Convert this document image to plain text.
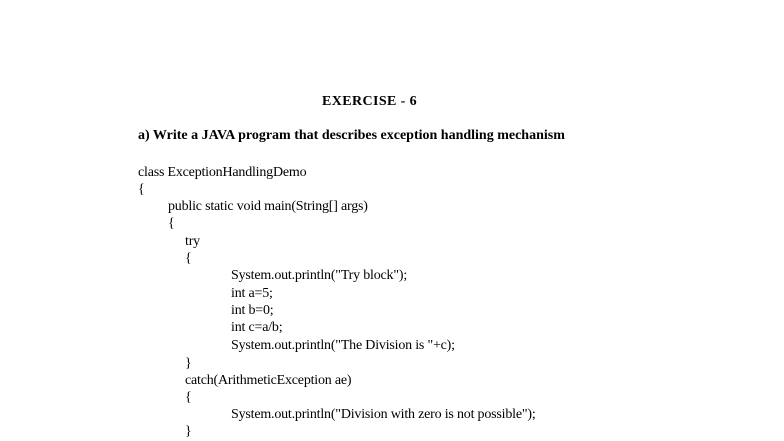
EXERCISE - 6
a) Write a JAVA program that describes exception handling mechanism
class ExceptionHandlingDemo
{
public static void main(String[] args)
{
try
{
System.out.println("Try block");
int a=5;
int b=0;
int c=a/b;
System.out.println("The Division is "+c);
}
catch(ArithmeticException ae)
{
System.out.println("Division with zero is not possible");
}
